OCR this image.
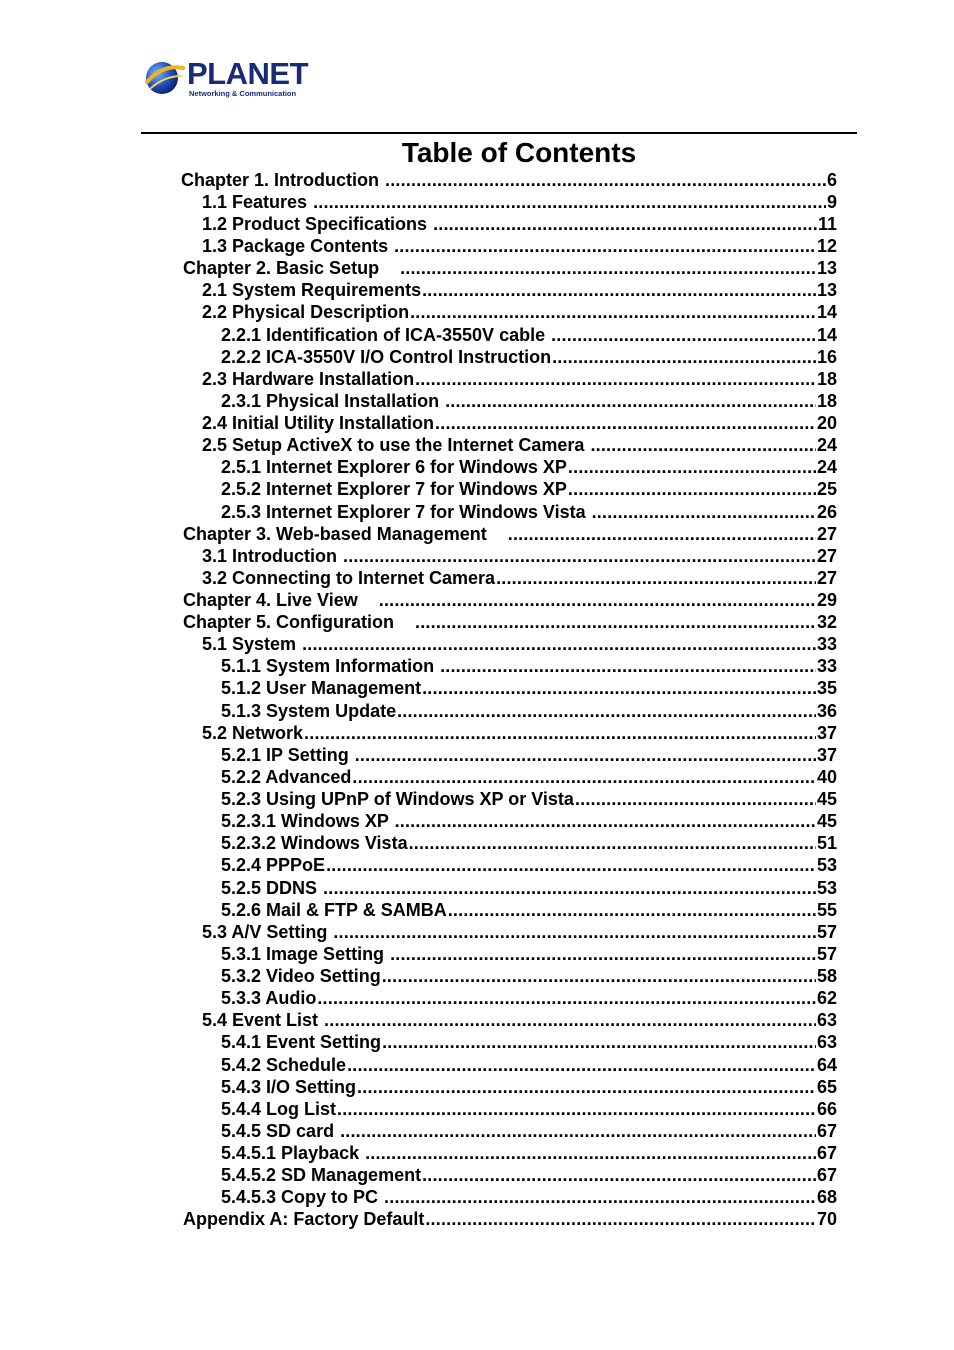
PLANET
Networking & Communication
Table of Contents
Chapter 1. Introduction .....	6
1.1 Features .....	9
1.2 Product Specifications .....	11
1.3 Package Contents .....	12
Chapter 2. Basic Setup .....	13
2.1 System Requirements .....	13
2.2 Physical Description .....	14
2.2.1 Identification of ICA-3550V cable .....	14
2.2.2 ICA-3550V I/O Control Instruction .....	16
2.3 Hardware Installation .....	18
2.3.1 Physical Installation .....	18
2.4 Initial Utility Installation .....	20
2.5 Setup ActiveX to use the Internet Camera .....	24
2.5.1 Internet Explorer 6 for Windows XP .....	24
2.5.2 Internet Explorer 7 for Windows XP .....	25
2.5.3 Internet Explorer 7 for Windows Vista .....	26
Chapter 3. Web-based Management .....	27
3.1 Introduction .....	27
3.2 Connecting to Internet Camera .....	27
Chapter 4. Live View .....	29
Chapter 5. Configuration .....	32
5.1 System .....	33
5.1.1 System Information .....	33
5.1.2 User Management .....	35
5.1.3 System Update .....	36
5.2 Network .....	37
5.2.1 IP Setting .....	37
5.2.2 Advanced .....	40
5.2.3 Using UPnP of Windows XP or Vista .....	45
5.2.3.1 Windows XP .....	45
5.2.3.2 Windows Vista .....	51
5.2.4 PPPoE .....	53
5.2.5 DDNS .....	53
5.2.6 Mail & FTP & SAMBA .....	55
5.3 A/V Setting .....	57
5.3.1 Image Setting .....	57
5.3.2 Video Setting .....	58
5.3.3 Audio .....	62
5.4 Event List .....	63
5.4.1 Event Setting .....	63
5.4.2 Schedule .....	64
5.4.3 I/O Setting .....	65
5.4.4 Log List .....	66
5.4.5 SD card .....	67
5.4.5.1 Playback .....	67
5.4.5.2 SD Management .....	67
5.4.5.3 Copy to PC .....	68
Appendix A: Factory Default .....	70
